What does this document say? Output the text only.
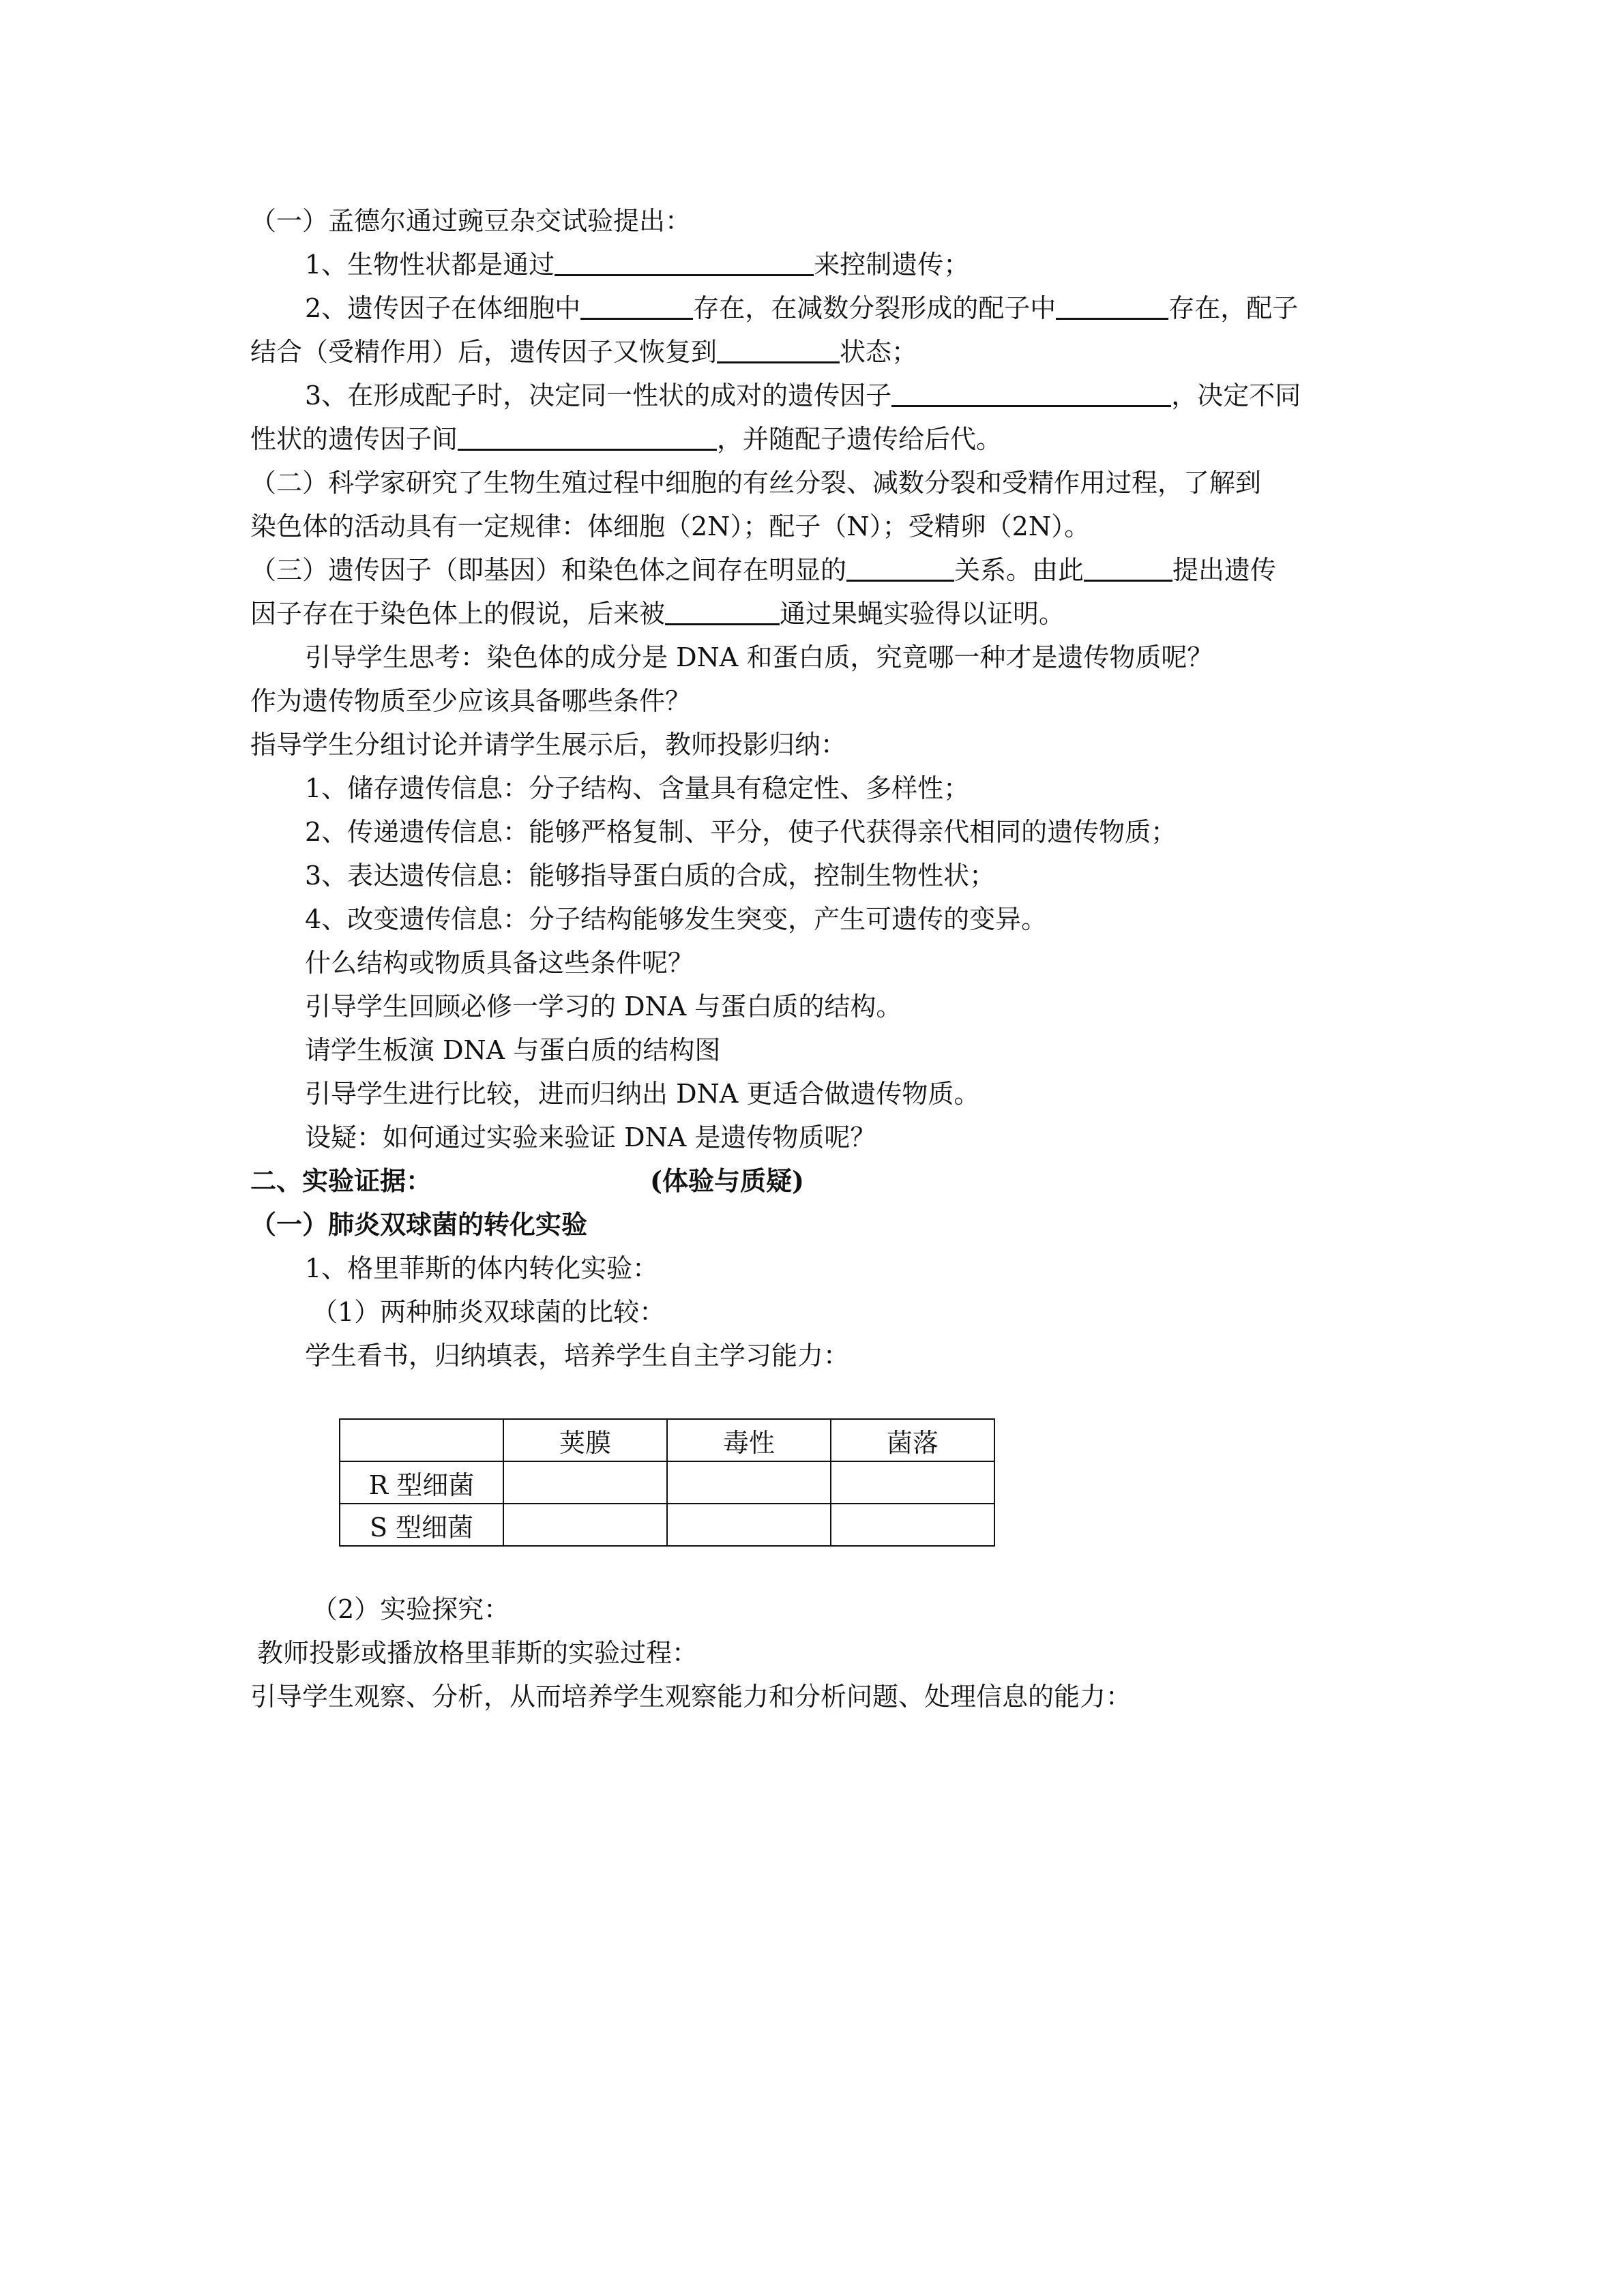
（一）孟德尔通过豌豆杂交试验提出：
1、生物性状都是通过	来控制遗传；
2、遗传因子在体细胞中	存在，在减数分裂形成的配子中	存在，配子
结合（受精作用）后，遗传因子又恢复到	状态；
3、在形成配子时，决定同一性状的成对的遗传因子	，决定不同
性状的遗传因子间	，并随配子遗传给后代。
（二）科学家研究了生物生殖过程中细胞的有丝分裂、减数分裂和受精作用过程，了解到
染色体的活动具有一定规律：体细胞（2N）；配子（N）；受精卵（2N）。
（三）遗传因子（即基因）和染色体之间存在明显的	关系。由此	提出遗传
因子存在于染色体上的假说，后来被	通过果蝇实验得以证明。
引导学生思考：染色体的成分是 DNA 和蛋白质，究竟哪一种才是遗传物质呢？
作为遗传物质至少应该具备哪些条件？
指导学生分组讨论并请学生展示后，教师投影归纳：
1、储存遗传信息：分子结构、含量具有稳定性、多样性；
2、传递遗传信息：能够严格复制、平分，使子代获得亲代相同的遗传物质；
3、表达遗传信息：能够指导蛋白质的合成，控制生物性状；
4、改变遗传信息：分子结构能够发生突变，产生可遗传的变异。
什么结构或物质具备这些条件呢？
引导学生回顾必修一学习的 DNA 与蛋白质的结构。
请学生板演 DNA 与蛋白质的结构图
引导学生进行比较，进而归纳出 DNA 更适合做遗传物质。
设疑：如何通过实验来验证 DNA 是遗传物质呢？
二、实验证据：	(体验与质疑)
（一）肺炎双球菌的转化实验
1、格里菲斯的体内转化实验：
（1）两种肺炎双球菌的比较：
学生看书，归纳填表，培养学生自主学习能力：
	荚膜	毒性	菌落
R 型细菌			
S 型细菌			
（2）实验探究：
教师投影或播放格里菲斯的实验过程：
引导学生观察、分析，从而培养学生观察能力和分析问题、处理信息的能力：
